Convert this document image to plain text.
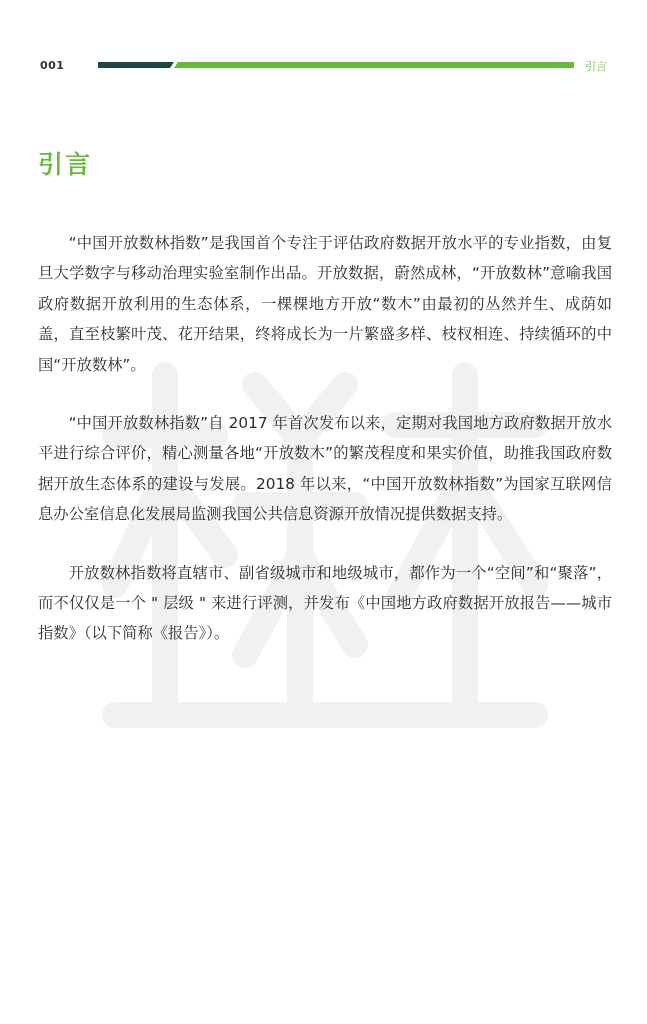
001	引言
引言

“中国开放数林指数”是我国首个专注于评估政府数据开放水平的专业指数，由复旦大学数字与移动治理实验室制作出品。开放数据，蔚然成林，“开放数林”意喻我国政府数据开放利用的生态体系，一棵棵地方开放“数木”由最初的丛然并生、成荫如盖，直至枝繁叶茂、花开结果，终将成长为一片繁盛多样、枝杈相连、持续循环的中国“开放数林”。

“中国开放数林指数”自 2017 年首次发布以来，定期对我国地方政府数据开放水平进行综合评价，精心测量各地“开放数木”的繁茂程度和果实价值，助推我国政府数据开放生态体系的建设与发展。2018 年以来，“中国开放数林指数”为国家互联网信息办公室信息化发展局监测我国公共信息资源开放情况提供数据支持。

开放数林指数将直辖市、副省级城市和地级城市，都作为一个“空间”和“聚落”，而不仅仅是一个 " 层级 " 来进行评测，并发布《中国地方政府数据开放报告——城市指数》（以下简称《报告》）。
